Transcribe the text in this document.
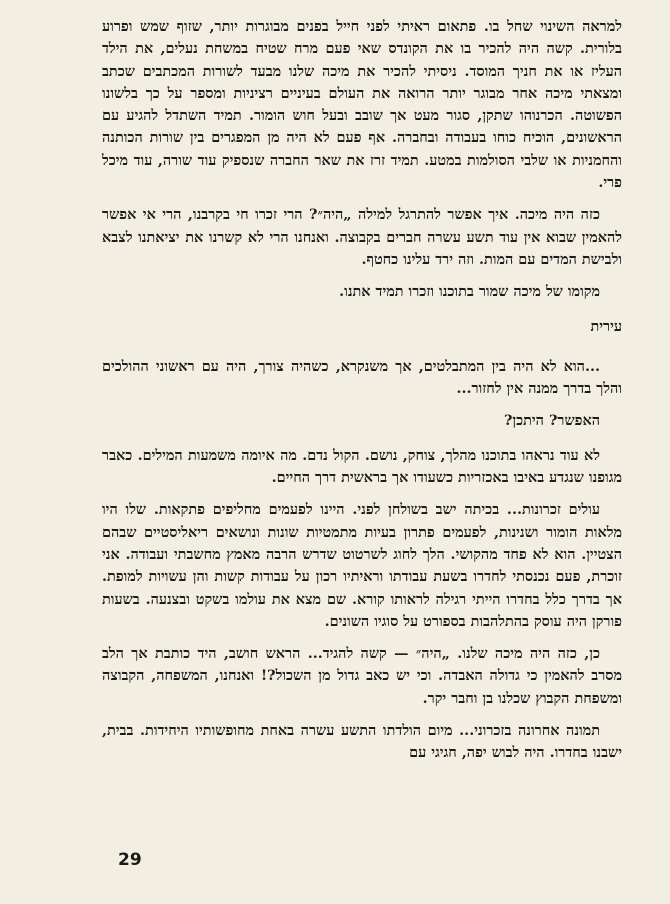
למראה השינוי שחל בו. פתאום ראיתי לפני חייל בפנים מבוגרות יותר, שזוף שמש ופרוע בלורית. קשה היה להכיר בו את הקונדס שאי פעם מרח שטיח במשחת נעלים, את הילד העליז או את חניך המוסד. ניסיתי להכיר את מיכה שלנו מבעד לשורות המכתבים שכתב ומצאתי מיכה אחר מבוגר יותר הרואה את העולם בעיניים רציניות ומספר על כך בלשונו הפשוטה. הכרנוהו שתקן, סגור מעט אך שובב ובעל חוש הומור. תמיד השתדל להגיע עם הראשונים, הוכיח כוחו בעבודה ובחברה. אף פעם לא היה מן המפגרים בין שורות הכותנה והחמניות או שלבי הסולמות במטע. תמיד זרז את שאר החברה שנספיק עוד שורה, עוד מיכל פרי.

כזה היה מיכה. איך אפשר להתרגל למילה „היה״? הרי זכרו חי בקרבנו, הרי אי אפשר להאמין שבוא אין עוד תשע עשרה חברים בקבוצה. ואנחנו הרי לא קשרנו את יציאתנו לצבא ולבישת המדים עם המות. וזה ירד עלינו כחטף.

מקומו של מיכה שמור בתוכנו וזכרו תמיד אתנו.

עירית

...הוא לא היה בין המתבלטים, אך משנקרא, כשהיה צורך, היה עם ראשוני ההולכים והלך בדרך ממנה אין לחזור...

האפשר? היתכן?

לא עוד נראהו בתוכנו מהלך, צוחק, נושם. הקול נדם. מה איומה משמעות המילים. כאבר מגופנו שנגדע באיבו באכזריות כשעודו אך בראשית דרך החיים.

עולים זכרונות... בכיתה ישב בשולחן לפני. היינו לפעמים מחליפים פתקאות. שלו היו מלאות הומור ושנינות, לפעמים פתרון בעיות מתמטיות שונות ונושאים ריאליסטיים שבהם הצטיין. הוא לא פחד מהקושי. הלך לחוג לשרטוט שדרש הרבה מאמץ מחשבתי ועבודה. אני זוכרת, פעם נכנסתי לחדרו בשעת עבודתו וראיתיו רכון על עבודות קשות והן עשויות למופת. אך בדרך כלל בחדרו הייתי רגילה לראותו קורא. שם מצא את עולמו בשקט ובצנעה. בשעות פורקן היה עוסק בהתלהבות בספורט על סוגיו השונים.

כן, כזה היה מיכה שלנו. „היה״ — קשה להגיד... הראש חושב, היד כותבת אך הלב מסרב להאמין כי גדולה האבדה. וכי יש כאב גדול מן השכול?! ואנחנו, המשפחה, הקבוצה ומשפחת הקבוץ שכלנו בן וחבר יקר.

תמונה אחרונה בזכרוני... מיום הולדתו התשע עשרה באחת מחופשותיו היחידות. בבית, ישבנו בחדרו. היה לבוש יפה, חגיגי עם

29
